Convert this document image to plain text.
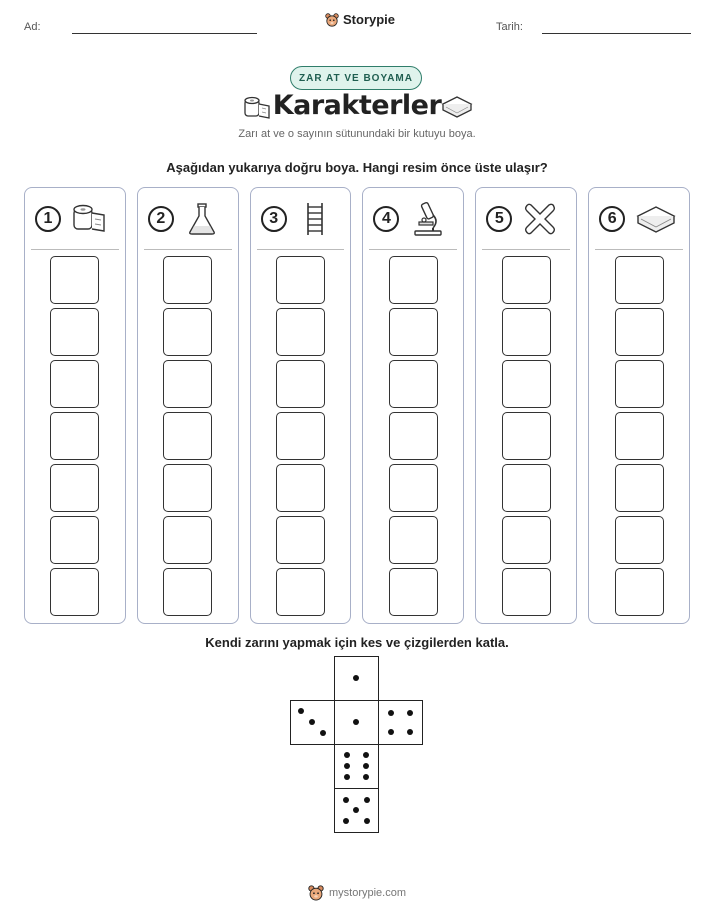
Ad:	Tarih:
Storypie
ZAR AT VE BOYAMA
Karakterler
Zarı at ve o sayının sütunundaki bir kutuyu boya.
Aşağıdan yukarıya doğru boya. Hangi resim önce üste ulaşır?
1	2	3	4	5	6
Kendi zarını yapmak için kes ve çizgilerden katla.
mystorypie.com
